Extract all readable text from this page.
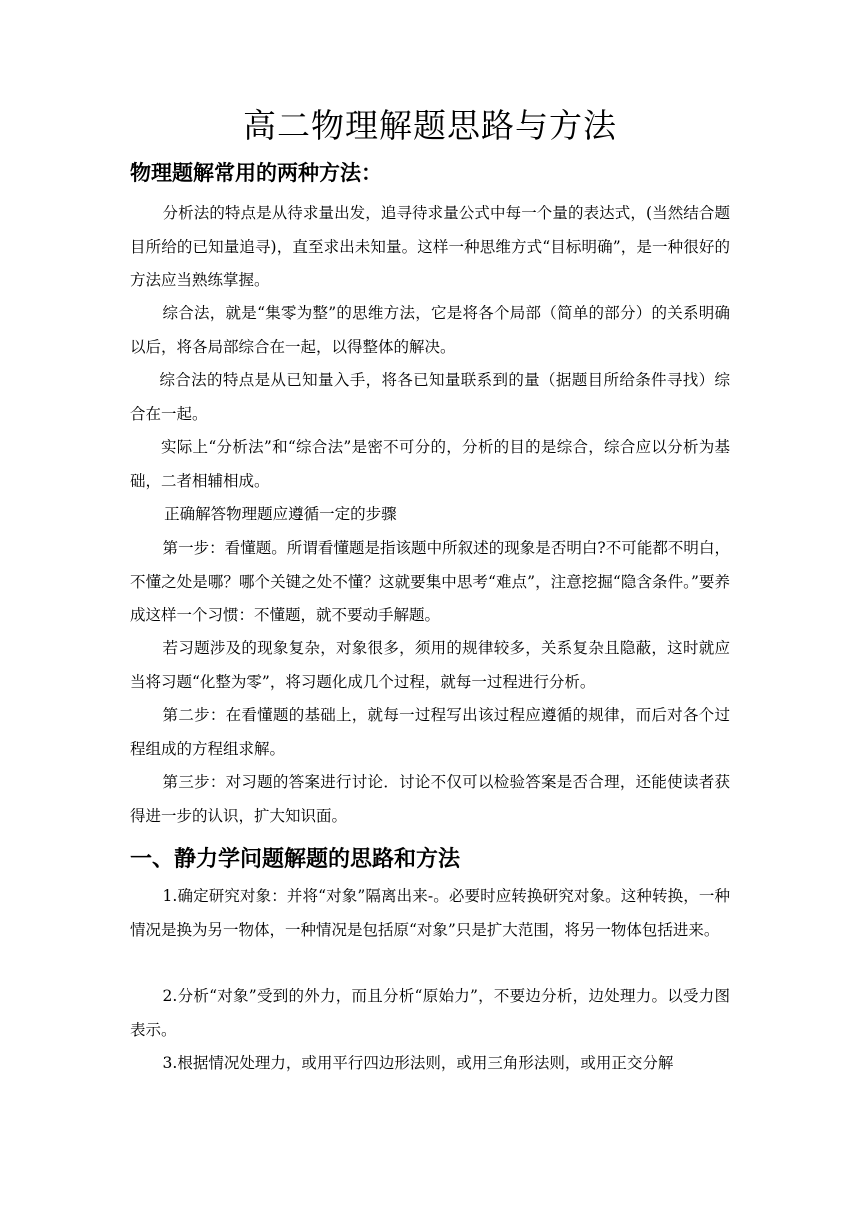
高二物理解题思路与方法
物理题解常用的两种方法：

分析法的特点是从待求量出发，追寻待求量公式中每一个量的表达式，(当然结合题目所给的已知量追寻)，直至求出未知量。这样一种思维方式“目标明确”，是一种很好的方法应当熟练掌握。

综合法，就是“集零为整”的思维方法，它是将各个局部（简单的部分）的关系明确以后，将各局部综合在一起，以得整体的解决。

综合法的特点是从已知量入手，将各已知量联系到的量（据题目所给条件寻找）综合在一起。

实际上“分析法”和“综合法”是密不可分的，分析的目的是综合，综合应以分析为基础，二者相辅相成。

正确解答物理题应遵循一定的步骤

第一步：看懂题。所谓看懂题是指该题中所叙述的现象是否明白?不可能都不明白，不懂之处是哪？哪个关键之处不懂？这就要集中思考“难点”，注意挖掘“隐含条件。”要养成这样一个习惯：不懂题，就不要动手解题。

若习题涉及的现象复杂，对象很多，须用的规律较多，关系复杂且隐蔽，这时就应当将习题“化整为零”，将习题化成几个过程，就每一过程进行分析。

第二步：在看懂题的基础上，就每一过程写出该过程应遵循的规律，而后对各个过程组成的方程组求解。

第三步：对习题的答案进行讨论．讨论不仅可以检验答案是否合理，还能使读者获得进一步的认识，扩大知识面。

一、静力学问题解题的思路和方法

1.确定研究对象：并将“对象”隔离出来-。必要时应转换研究对象。这种转换，一种情况是换为另一物体，一种情况是包括原“对象”只是扩大范围，将另一物体包括进来。

2.分析“对象”受到的外力，而且分析“原始力”，不要边分析，边处理力。以受力图表示。

3.根据情况处理力，或用平行四边形法则，或用三角形法则，或用正交分解
